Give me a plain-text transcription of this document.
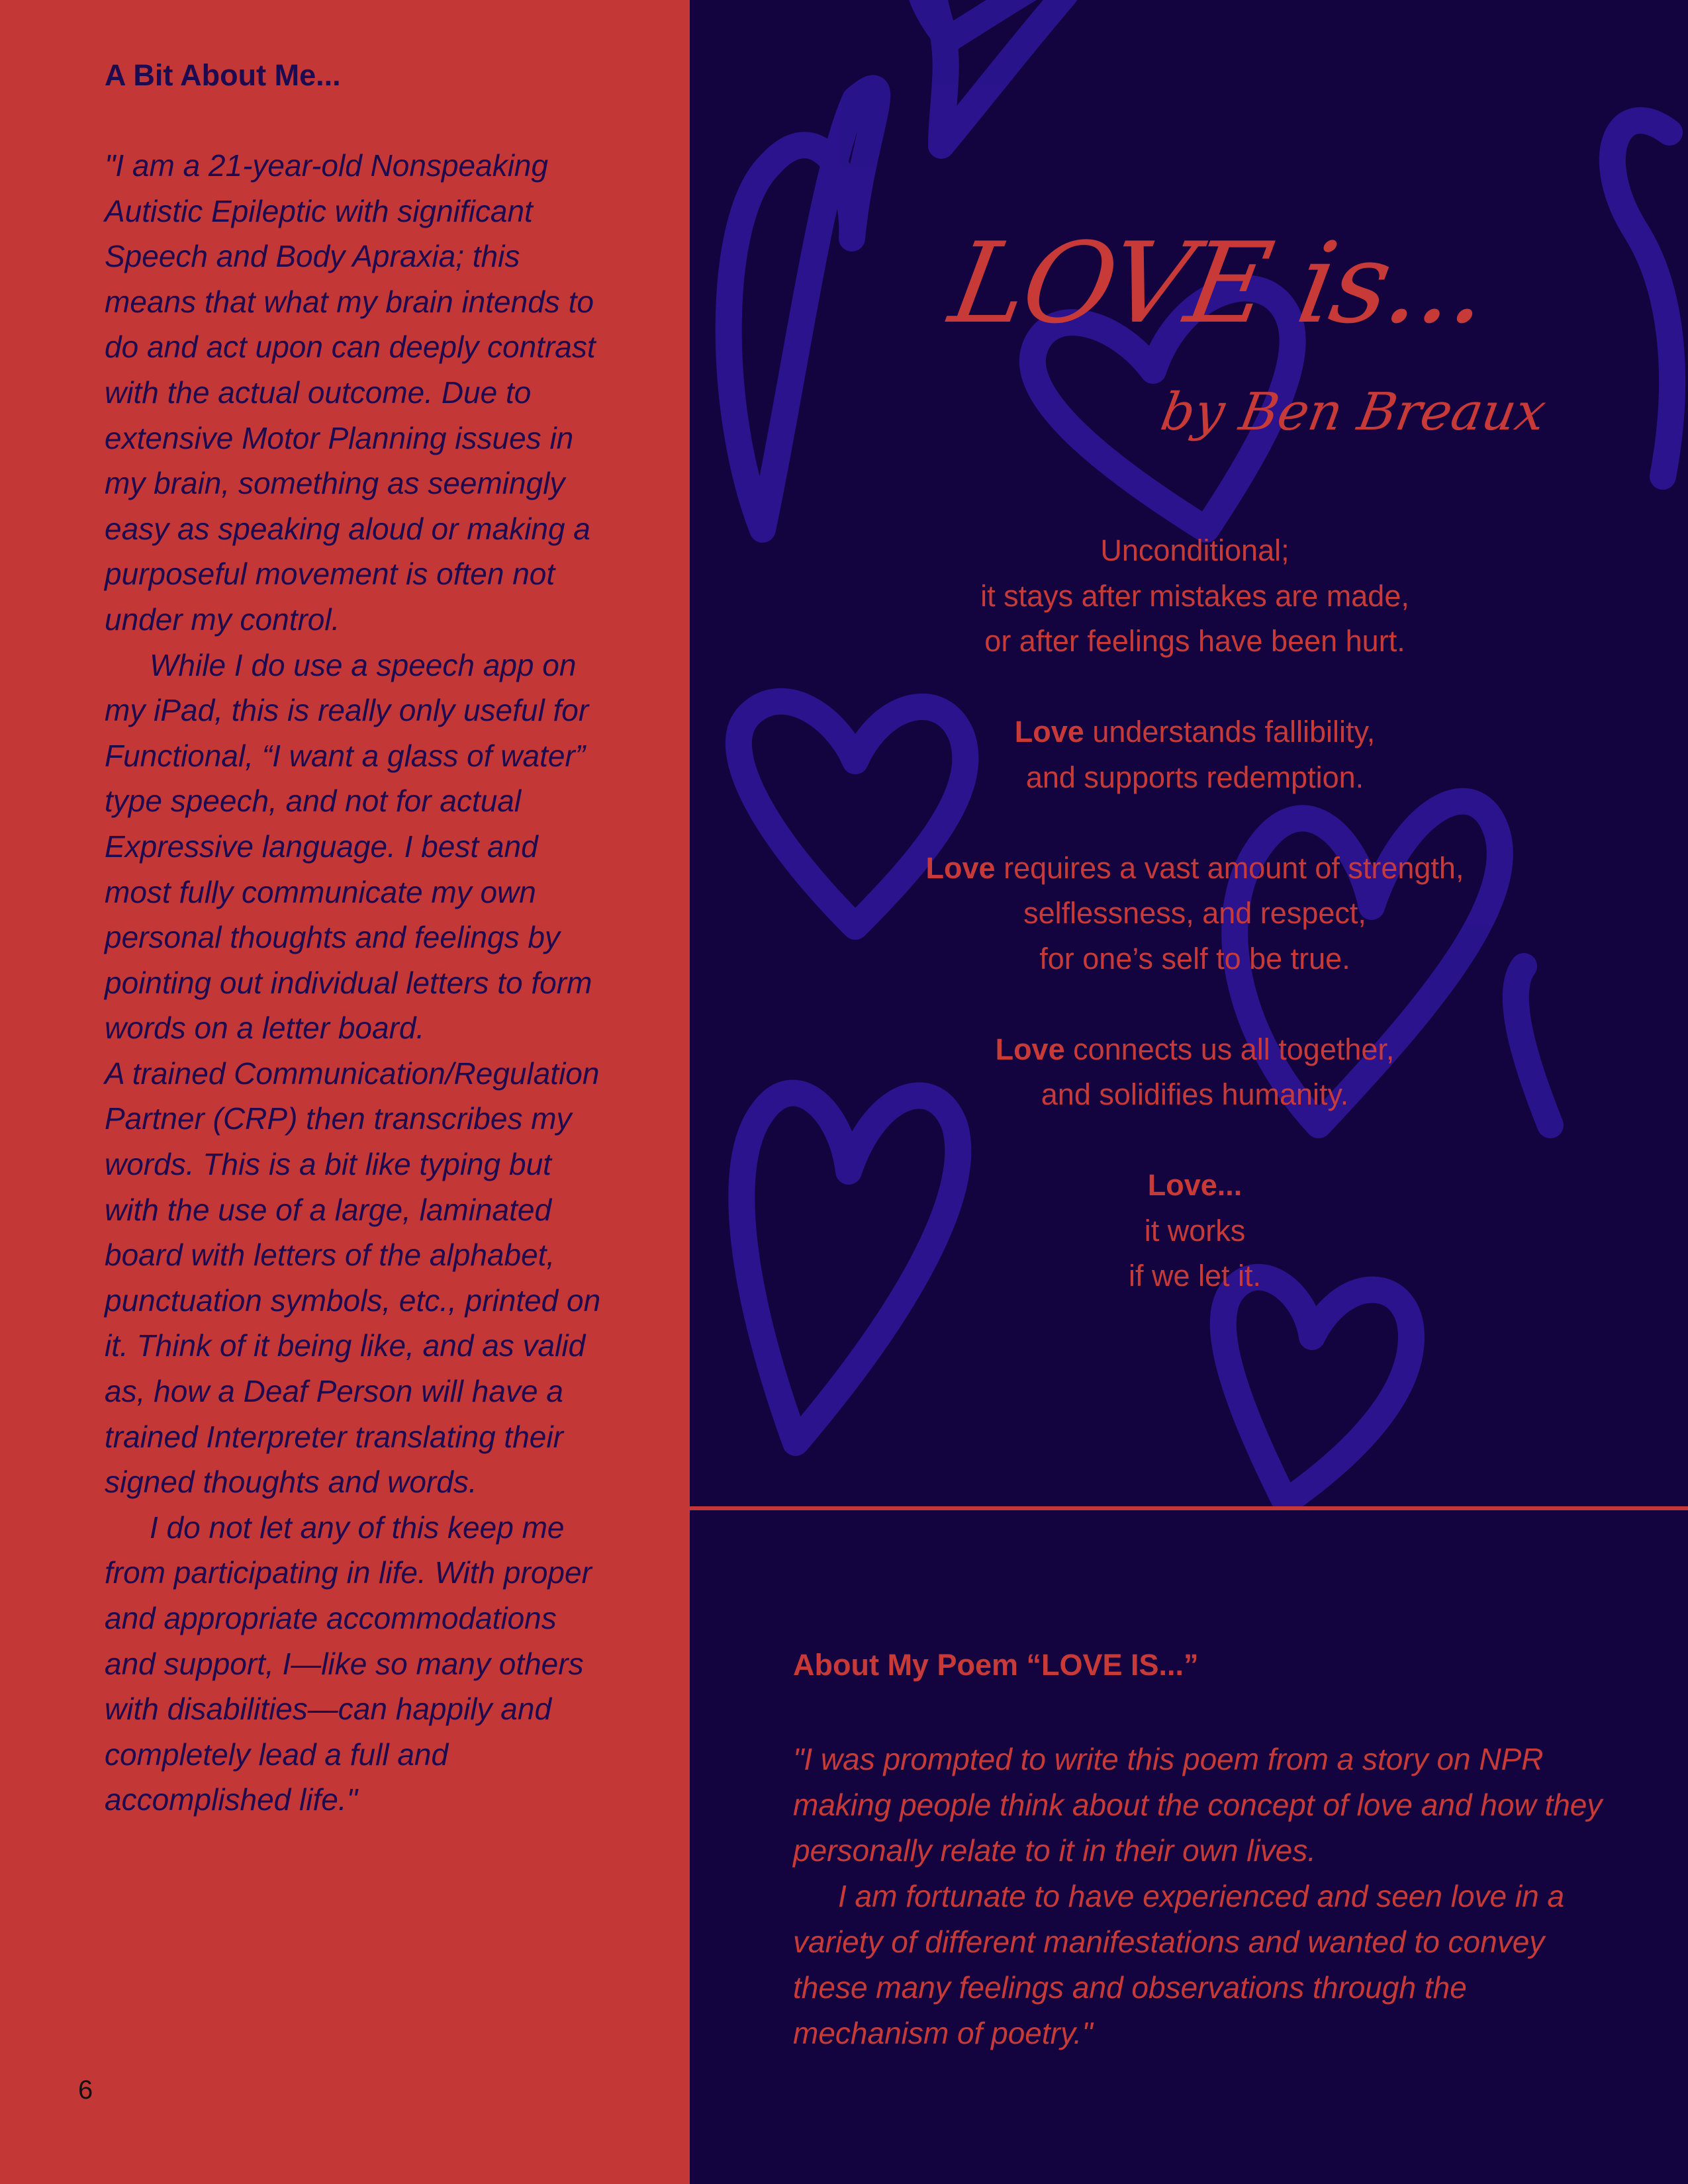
A Bit About Me...

"I am a 21-year-old Nonspeaking Autistic Epileptic with significant Speech and Body Apraxia; this means that what my brain intends to do and act upon can deeply contrast with the actual outcome. Due to extensive Motor Planning issues in my brain, something as seemingly easy as speaking aloud or making a purposeful movement is often not under my control.

While I do use a speech app on my iPad, this is really only useful for Functional, “I want a glass of water” type speech, and not for actual Expressive language. I best and most fully communicate my own personal thoughts and feelings by pointing out individual letters to form words on a letter board.

A trained Communication/Regulation Partner (CRP) then transcribes my words. This is a bit like typing but with the use of a large, laminated board with letters of the alphabet, punctuation symbols, etc., printed on it. Think of it being like, and as valid as, how a Deaf Person will have a trained Interpreter translating their signed thoughts and words.

I do not let any of this keep me from participating in life. With proper and appropriate accommodations and support, I—like so many others with disabilities—can happily and completely lead a full and accomplished life."

6
LOVE is...
by Ben Breaux

Unconditional;
it stays after mistakes are made,
or after feelings have been hurt.

Love understands fallibility,
and supports redemption.

Love requires a vast amount of strength,
selflessness, and respect,
for one’s self to be true.

Love connects us all together,
and solidifies humanity.

Love...
it works
if we let it.

About My Poem “LOVE IS...”

"I was prompted to write this poem from a story on NPR making people think about the concept of love and how they personally relate to it in their own lives.

I am fortunate to have experienced and seen love in a variety of different manifestations and wanted to convey these many feelings and observations through the mechanism of poetry."
